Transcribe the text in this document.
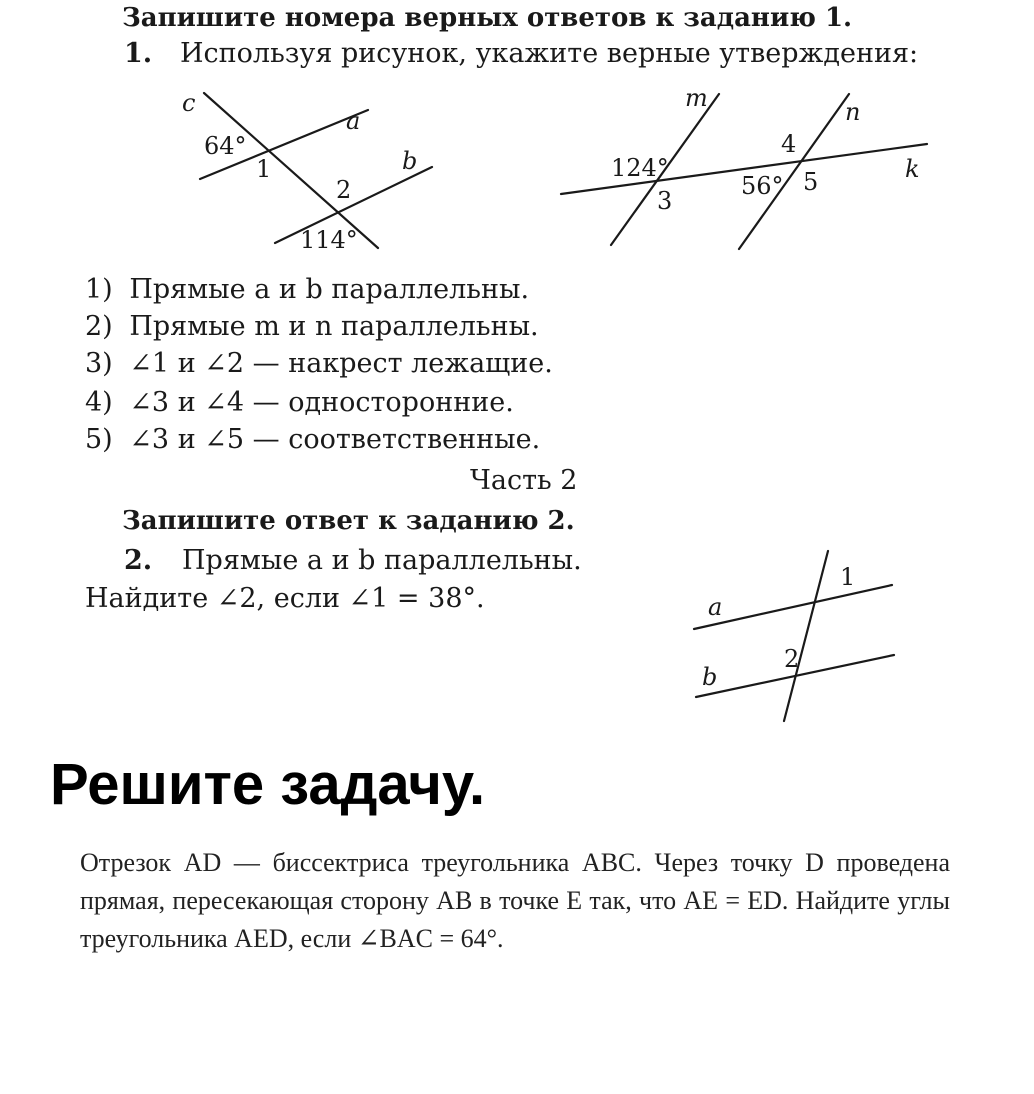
Запишите номера верных ответов к заданию 1.
1. Используя рисунок, укажите верные утверждения:
c
a
b
64°
1
2
114°
m	n
k
124°
3
4
56° 5
1) Прямые a и b параллельны.
2) Прямые m и n параллельны.
3) ∠1 и ∠2 — накрест лежащие.
4) ∠3 и ∠4 — односторонние.
5) ∠3 и ∠5 — соответственные.
Часть 2
Запишите ответ к заданию 2.
2. Прямые a и b параллельны.
Найдите ∠2, если ∠1 = 38°.	a
b
1
2
Решите задачу.
Отрезок AD — биссектриса треугольника ABC. Через точку D проведена прямая, пересекающая сторону AB в точке E так, что AE = ED. Найдите углы треугольника AED, если ∠BAC = 64°.
